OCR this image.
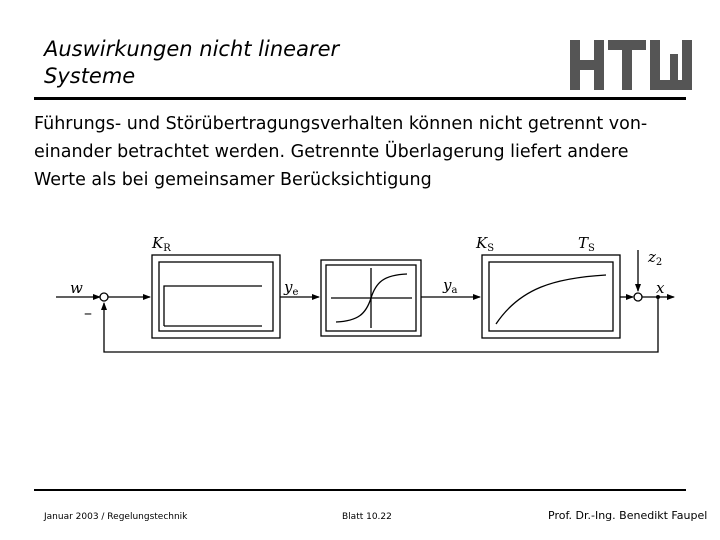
Auswirkungen nicht linearer
Systeme
Führungs- und Störübertragungsverhalten können nicht getrennt von-
einander betrachtet werden. Getrennte Überlagerung liefert andere
Werte als bei gemeinsamer Berücksichtigung
w
–
$K_R$
$y_e$	$y_a$
$K_S$	$T_S$	$z_2$
x
Januar 2003 / Regelungstechnik	Blatt 10.22	Prof. Dr.-Ing. Benedikt Faupel
